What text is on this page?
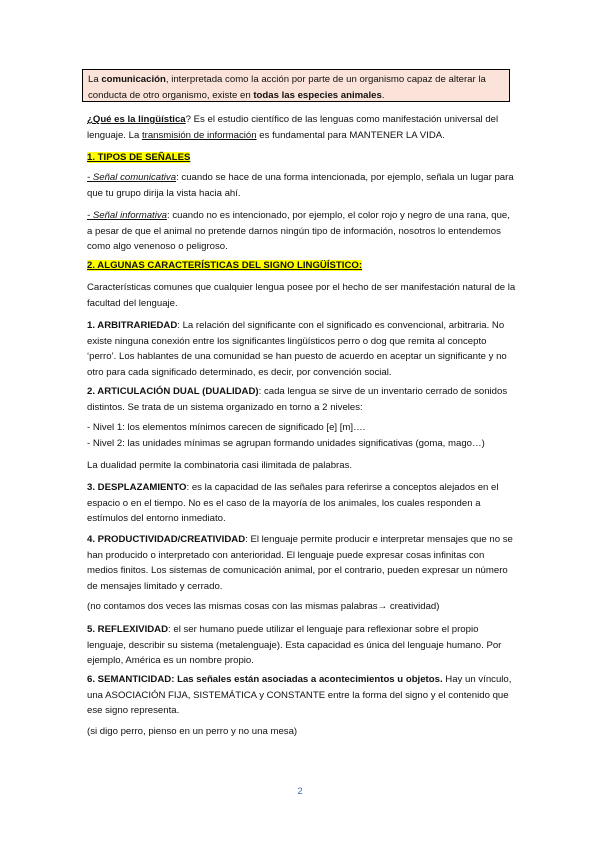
La comunicación, interpretada como la acción por parte de un organismo capaz de alterar la conducta de otro organismo, existe en todas las especies animales.

¿Qué es la lingüística? Es el estudio científico de las lenguas como manifestación universal del lenguaje. La transmisión de información es fundamental para MANTENER LA VIDA.

1. TIPOS DE SEÑALES

- Señal comunicativa: cuando se hace de una forma intencionada, por ejemplo, señala un lugar para que tu grupo dirija la vista hacia ahí.

- Señal informativa: cuando no es intencionado, por ejemplo, el color rojo y negro de una rana, que, a pesar de que el animal no pretende darnos ningún tipo de información, nosotros lo entendemos como algo venenoso o peligroso.

2. ALGUNAS CARACTERÍSTICAS DEL SIGNO LINGÜÍSTICO:

Características comunes que cualquier lengua posee por el hecho de ser manifestación natural de la facultad del lenguaje.

1. ARBITRARIEDAD: La relación del significante con el significado es convencional, arbitraria. No existe ninguna conexión entre los significantes lingüísticos perro o dog que remita al concepto ‘perro’. Los hablantes de una comunidad se han puesto de acuerdo en aceptar un significante y no otro para cada significado determinado, es decir, por convención social.

2. ARTICULACIÓN DUAL (DUALIDAD): cada lengua se sirve de un inventario cerrado de sonidos distintos. Se trata de un sistema organizado en torno a 2 niveles:

- Nivel 1: los elementos mínimos carecen de significado [e] [m]….

- Nivel 2: las unidades mínimas se agrupan formando unidades significativas (goma, mago…)

La dualidad permite la combinatoria casi ilimitada de palabras.

3. DESPLAZAMIENTO: es la capacidad de las señales para referirse a conceptos alejados en el espacio o en el tiempo. No es el caso de la mayoría de los animales, los cuales responden a estímulos del entorno inmediato.

4. PRODUCTIVIDAD/CREATIVIDAD: El lenguaje permite producir e interpretar mensajes que no se han producido o interpretado con anterioridad. El lenguaje puede expresar cosas infinitas con medios finitos. Los sistemas de comunicación animal, por el contrario, pueden expresar un número de mensajes limitado y cerrado.

(no contamos dos veces las mismas cosas con las mismas palabras→ creatividad)

5. REFLEXIVIDAD: el ser humano puede utilizar el lenguaje para reflexionar sobre el propio lenguaje, describir su sistema (metalenguaje). Esta capacidad es única del lenguaje humano. Por ejemplo, América es un nombre propio.

6. SEMANTICIDAD: Las señales están asociadas a acontecimientos u objetos. Hay un vínculo, una ASOCIACIÓN FIJA, SISTEMÁTICA y CONSTANTE entre la forma del signo y el contenido que ese signo representa.

(si digo perro, pienso en un perro y no una mesa)

2
